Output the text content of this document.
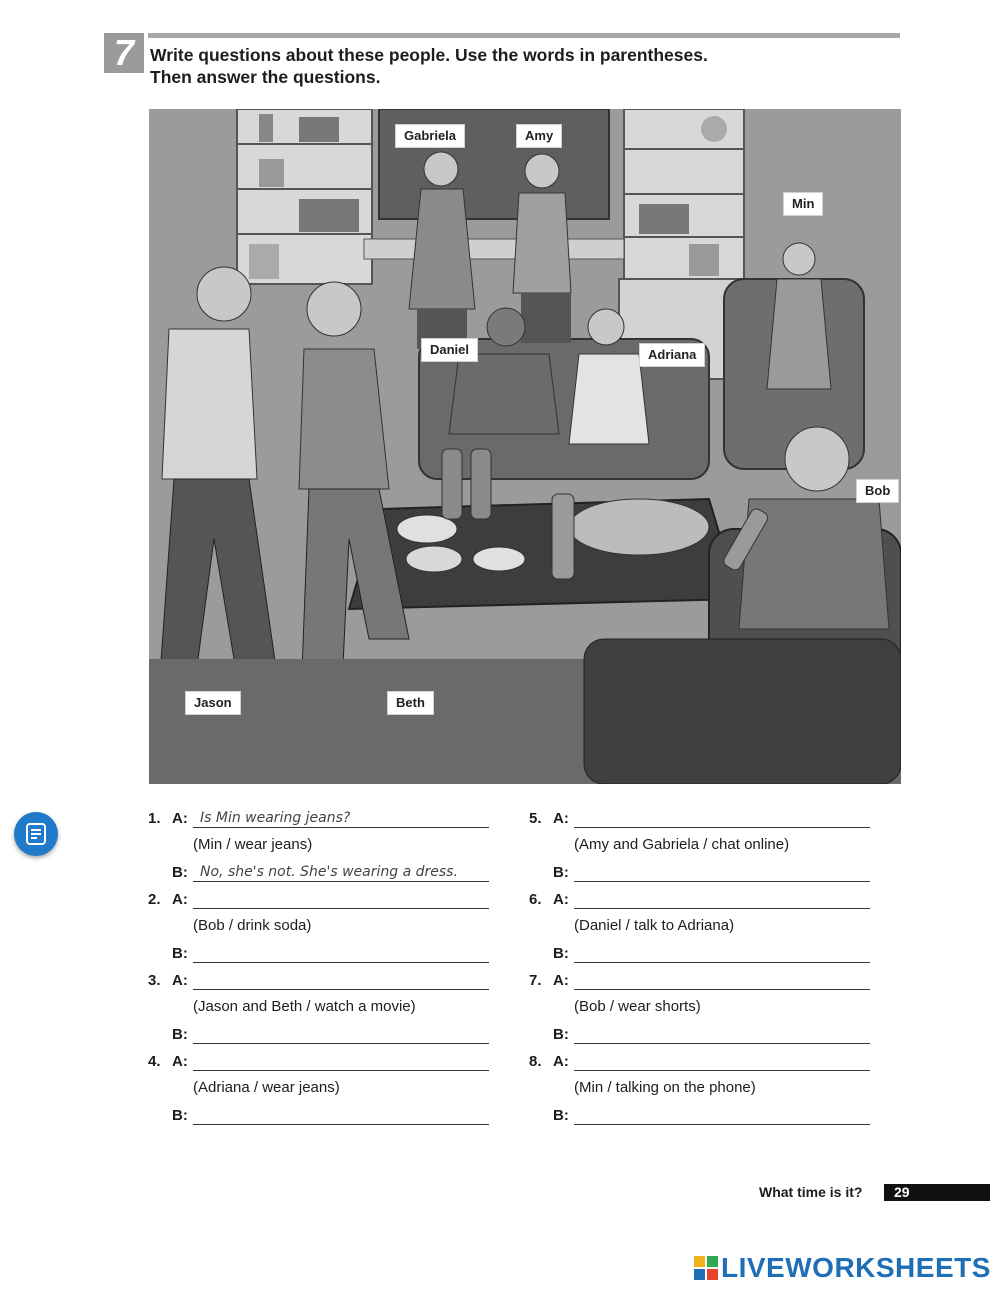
7 Write questions about these people. Use the words in parentheses.
Then answer the questions.
Gabriela	Amy
Min
Daniel	Adriana
Bob
Jason	Beth
1. A: Is Min wearing jeans?
(Min / wear jeans)
B: No, she's not. She's wearing a dress.
2. A:
(Bob / drink soda)
B:
3. A:
(Jason and Beth / watch a movie)
B:
4. A:
(Adriana / wear jeans)
B:
5. A:
(Amy and Gabriela / chat online)
B:
6. A:
(Daniel / talk to Adriana)
B:
7. A:
(Bob / wear shorts)
B:
8. A:
(Min / talking on the phone)
B:
What time is it?	29
LIVEWORKSHEETS
